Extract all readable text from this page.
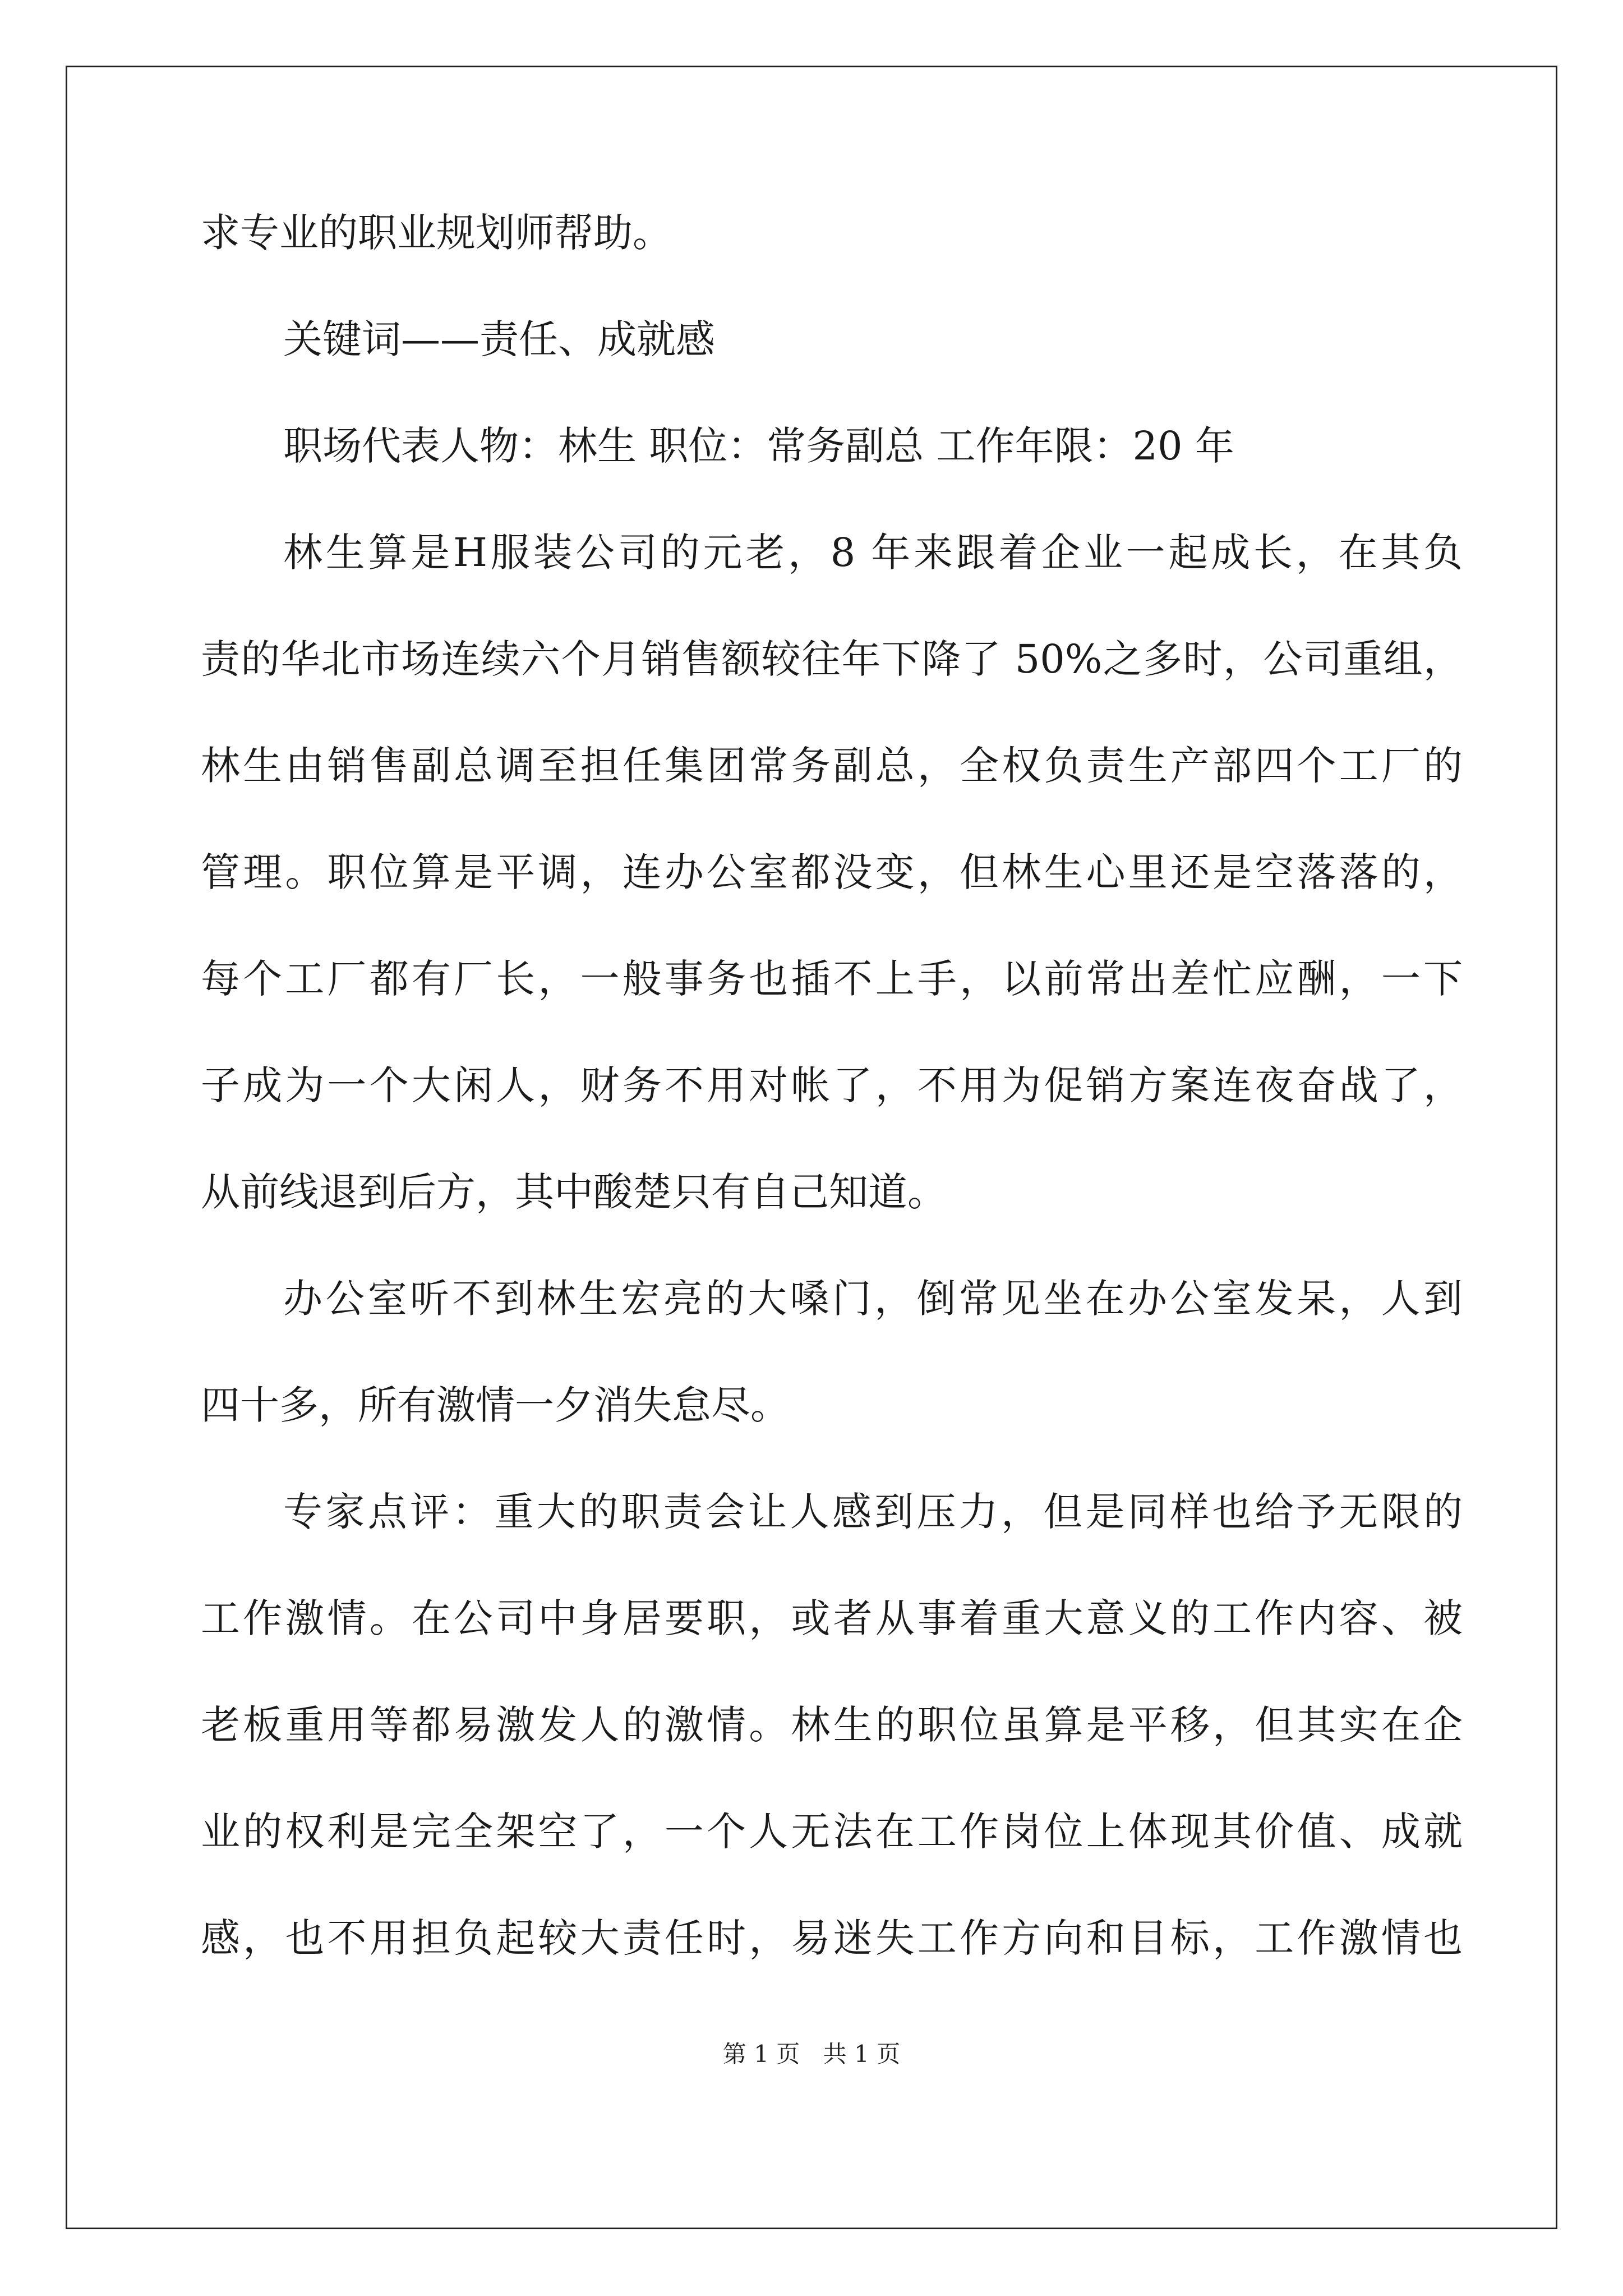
求专业的职业规划师帮助。
关键词——责任、成就感
职场代表人物：林生 职位：常务副总 工作年限：20 年
林生算是H服装公司的元老，8 年来跟着企业一起成长，在其负
责的华北市场连续六个月销售额较往年下降了 50%之多时，公司重组，
林生由销售副总调至担任集团常务副总，全权负责生产部四个工厂的
管理。职位算是平调，连办公室都没变，但林生心里还是空落落的，
每个工厂都有厂长，一般事务也插不上手，以前常出差忙应酬，一下
子成为一个大闲人，财务不用对帐了，不用为促销方案连夜奋战了，
从前线退到后方，其中酸楚只有自己知道。
办公室听不到林生宏亮的大嗓门，倒常见坐在办公室发呆，人到
四十多，所有激情一夕消失怠尽。
专家点评：重大的职责会让人感到压力，但是同样也给予无限的
工作激情。在公司中身居要职，或者从事着重大意义的工作内容、被
老板重用等都易激发人的激情。林生的职位虽算是平移，但其实在企
业的权利是完全架空了，一个人无法在工作岗位上体现其价值、成就
感，也不用担负起较大责任时，易迷失工作方向和目标，工作激情也
第 1 页 共 1 页
